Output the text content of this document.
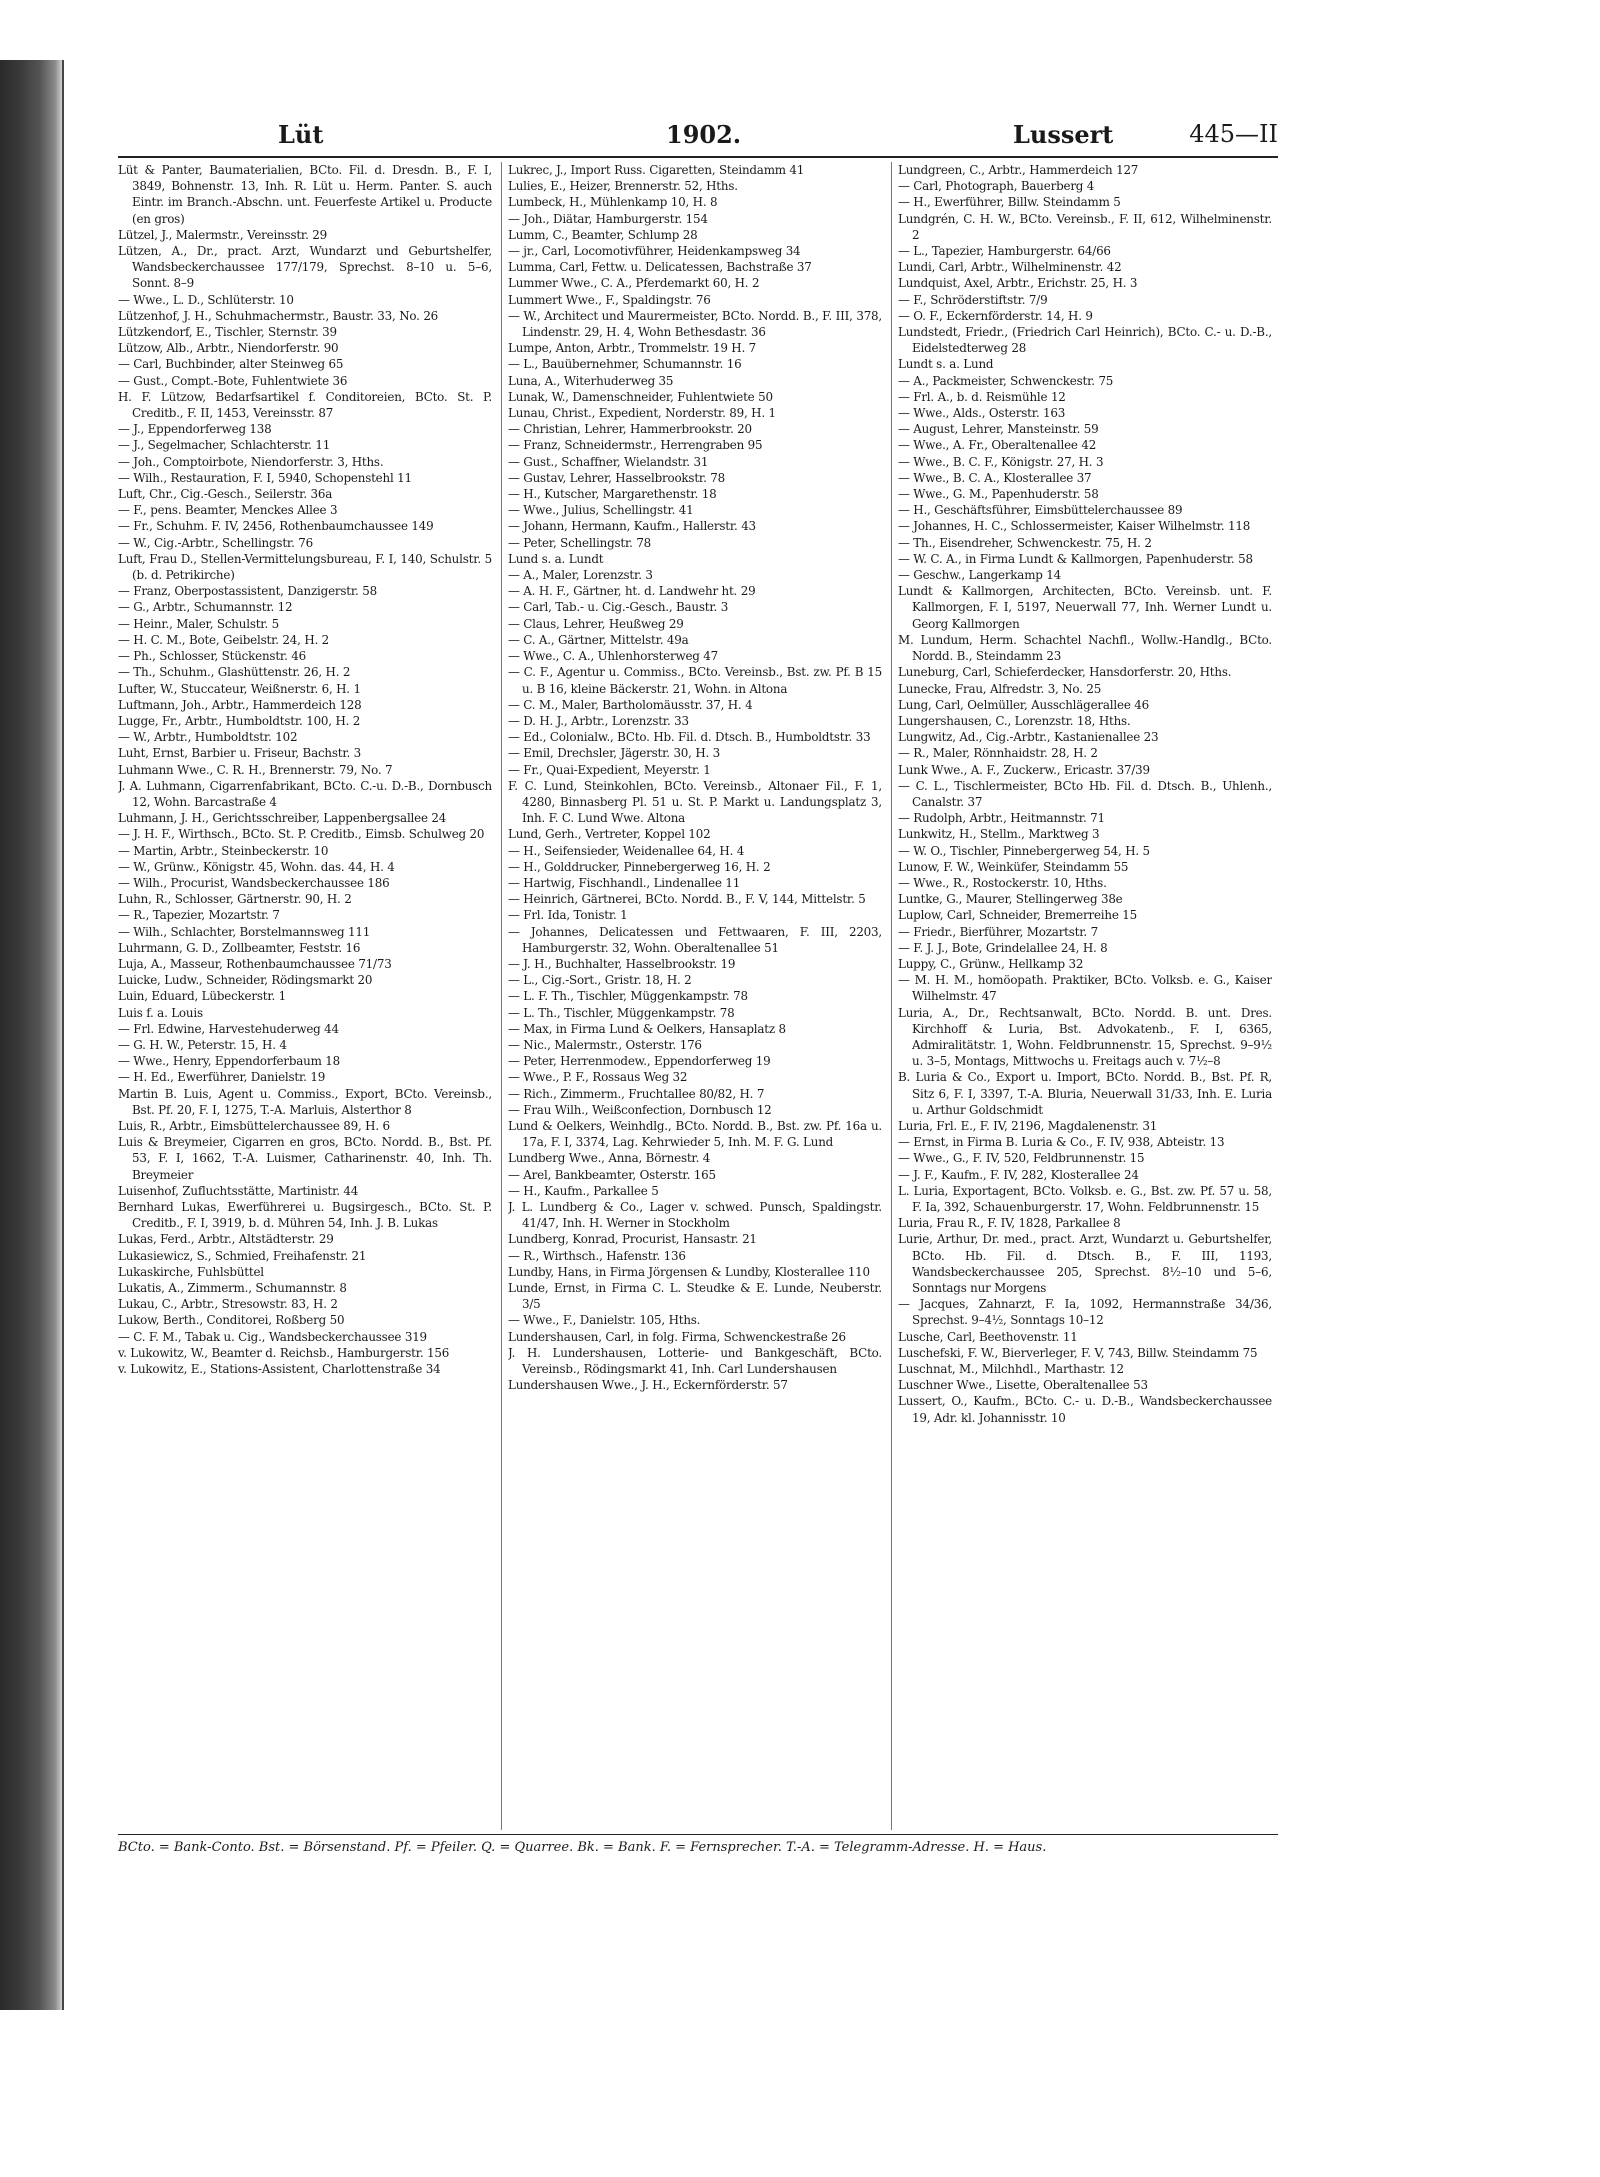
Lüt	1902.	Lussert	445—II

Lüt & Panter, Baumaterialien, BCto. Fil. d. Dresdn. B., F. I, 3849, Bohnenstr. 13, Inh. R. Lüt u. Herm. Panter. S. auch Eintr. im Branch.-Abschn. unt. Feuerfeste Artikel u. Producte (en gros)

Lützel, J., Malermstr., Vereinsstr. 29

Lützen, A., Dr., pract. Arzt, Wundarzt und Geburtshelfer, Wandsbeckerchaussee 177/179, Sprechst. 8–10 u. 5–6, Sonnt. 8–9

— Wwe., L. D., Schlüterstr. 10

Lützenhof, J. H., Schuhmachermstr., Baustr. 33, No. 26

Lützkendorf, E., Tischler, Sternstr. 39

Lützow, Alb., Arbtr., Niendorferstr. 90

— Carl, Buchbinder, alter Steinweg 65

— Gust., Compt.-Bote, Fuhlentwiete 36

H. F. Lützow, Bedarfsartikel f. Conditoreien, BCto. St. P. Creditb., F. II, 1453, Vereinsstr. 87

— J., Eppendorferweg 138

— J., Segelmacher, Schlachterstr. 11

— Joh., Comptoirbote, Niendorferstr. 3, Hths.

— Wilh., Restauration, F. I, 5940, Schopenstehl 11

Luft, Chr., Cig.-Gesch., Seilerstr. 36a

— F., pens. Beamter, Menckes Allee 3

— Fr., Schuhm. F. IV, 2456, Rothenbaumchaussee 149

— W., Cig.-Arbtr., Schellingstr. 76

Luft, Frau D., Stellen-Vermittelungsbureau, F. I, 140, Schulstr. 5 (b. d. Petrikirche)

— Franz, Oberpostassistent, Danzigerstr. 58

— G., Arbtr., Schumannstr. 12

— Heinr., Maler, Schulstr. 5

— H. C. M., Bote, Geibelstr. 24, H. 2

— Ph., Schlosser, Stückenstr. 46

— Th., Schuhm., Glashüttenstr. 26, H. 2

Lufter, W., Stuccateur, Weißnerstr. 6, H. 1

Luftmann, Joh., Arbtr., Hammerdeich 128

Lugge, Fr., Arbtr., Humboldtstr. 100, H. 2

— W., Arbtr., Humboldtstr. 102

Luht, Ernst, Barbier u. Friseur, Bachstr. 3

Luhmann Wwe., C. R. H., Brennerstr. 79, No. 7

J. A. Luhmann, Cigarrenfabrikant, BCto. C.-u. D.-B., Dornbusch 12, Wohn. Barcastraße 4

Luhmann, J. H., Gerichtsschreiber, Lappenbergsallee 24

— J. H. F., Wirthsch., BCto. St. P. Creditb., Eimsb. Schulweg 20

— Martin, Arbtr., Steinbeckerstr. 10

— W., Grünw., Königstr. 45, Wohn. das. 44, H. 4

— Wilh., Procurist, Wandsbeckerchaussee 186

Luhn, R., Schlosser, Gärtnerstr. 90, H. 2

— R., Tapezier, Mozartstr. 7

— Wilh., Schlachter, Borstelmannsweg 111

Luhrmann, G. D., Zollbeamter, Feststr. 16

Luja, A., Masseur, Rothenbaumchaussee 71/73

Luicke, Ludw., Schneider, Rödingsmarkt 20

Luin, Eduard, Lübeckerstr. 1

Luis f. a. Louis

— Frl. Edwine, Harvestehuderweg 44

— G. H. W., Peterstr. 15, H. 4

— Wwe., Henry, Eppendorferbaum 18

— H. Ed., Ewerführer, Danielstr. 19

Martin B. Luis, Agent u. Commiss., Export, BCto. Vereinsb., Bst. Pf. 20, F. I, 1275, T.-A. Marluis, Alsterthor 8

Luis, R., Arbtr., Eimsbüttelerchaussee 89, H. 6

Luis & Breymeier, Cigarren en gros, BCto. Nordd. B., Bst. Pf. 53, F. I, 1662, T.-A. Luismer, Catharinenstr. 40, Inh. Th. Breymeier

Luisenhof, Zufluchtsstätte, Martinistr. 44

Bernhard Lukas, Ewerführerei u. Bugsirgesch., BCto. St. P. Creditb., F. I, 3919, b. d. Mühren 54, Inh. J. B. Lukas

Lukas, Ferd., Arbtr., Altstädterstr. 29

Lukasiewicz, S., Schmied, Freihafenstr. 21

Lukaskirche, Fuhlsbüttel

Lukatis, A., Zimmerm., Schumannstr. 8

Lukau, C., Arbtr., Stresowstr. 83, H. 2

Lukow, Berth., Conditorei, Roßberg 50

— C. F. M., Tabak u. Cig., Wandsbeckerchaussee 319

v. Lukowitz, W., Beamter d. Reichsb., Hamburgerstr. 156

v. Lukowitz, E., Stations-Assistent, Charlottenstraße 34

Lukrec, J., Import Russ. Cigaretten, Steindamm 41

Lulies, E., Heizer, Brennerstr. 52, Hths.

Lumbeck, H., Mühlenkamp 10, H. 8

— Joh., Diätar, Hamburgerstr. 154

Lumm, C., Beamter, Schlump 28

— jr., Carl, Locomotivführer, Heidenkampsweg 34

Lumma, Carl, Fettw. u. Delicatessen, Bachstraße 37

Lummer Wwe., C. A., Pferdemarkt 60, H. 2

Lummert Wwe., F., Spaldingstr. 76

— W., Architect und Maurermeister, BCto. Nordd. B., F. III, 378, Lindenstr. 29, H. 4, Wohn Bethesdastr. 36

Lumpe, Anton, Arbtr., Trommelstr. 19 H. 7

— L., Bauübernehmer, Schumannstr. 16

Luna, A., Witerhuderweg 35

Lunak, W., Damenschneider, Fuhlentwiete 50

Lunau, Christ., Expedient, Norderstr. 89, H. 1

— Christian, Lehrer, Hammerbrookstr. 20

— Franz, Schneidermstr., Herrengraben 95

— Gust., Schaffner, Wielandstr. 31

— Gustav, Lehrer, Hasselbrookstr. 78

— H., Kutscher, Margarethenstr. 18

— Wwe., Julius, Schellingstr. 41

— Johann, Hermann, Kaufm., Hallerstr. 43

— Peter, Schellingstr. 78

Lund s. a. Lundt

— A., Maler, Lorenzstr. 3

— A. H. F., Gärtner, ht. d. Landwehr ht. 29

— Carl, Tab.- u. Cig.-Gesch., Baustr. 3

— Claus, Lehrer, Heußweg 29

— C. A., Gärtner, Mittelstr. 49a

— Wwe., C. A., Uhlenhorsterweg 47

— C. F., Agentur u. Commiss., BCto. Vereinsb., Bst. zw. Pf. B 15 u. B 16, kleine Bäckerstr. 21, Wohn. in Altona

— C. M., Maler, Bartholomäusstr. 37, H. 4

— D. H. J., Arbtr., Lorenzstr. 33

— Ed., Colonialw., BCto. Hb. Fil. d. Dtsch. B., Humboldtstr. 33

— Emil, Drechsler, Jägerstr. 30, H. 3

— Fr., Quai-Expedient, Meyerstr. 1

F. C. Lund, Steinkohlen, BCto. Vereinsb., Altonaer Fil., F. 1, 4280, Binnasberg Pl. 51 u. St. P. Markt u. Landungsplatz 3, Inh. F. C. Lund Wwe. Altona

Lund, Gerh., Vertreter, Koppel 102

— H., Seifensieder, Weidenallee 64, H. 4

— H., Golddrucker, Pinnebergerweg 16, H. 2

— Hartwig, Fischhandl., Lindenallee 11

— Heinrich, Gärtnerei, BCto. Nordd. B., F. V, 144, Mittelstr. 5

— Frl. Ida, Tonistr. 1

— Johannes, Delicatessen und Fettwaaren, F. III, 2203, Hamburgerstr. 32, Wohn. Oberaltenallee 51

— J. H., Buchhalter, Hasselbrookstr. 19

— L., Cig.-Sort., Gristr. 18, H. 2

— L. F. Th., Tischler, Müggenkampstr. 78

— L. Th., Tischler, Müggenkampstr. 78

— Max, in Firma Lund & Oelkers, Hansaplatz 8

— Nic., Malermstr., Osterstr. 176

— Peter, Herrenmodew., Eppendorferweg 19

— Wwe., P. F., Rossaus Weg 32

— Rich., Zimmerm., Fruchtallee 80/82, H. 7

— Frau Wilh., Weißconfection, Dornbusch 12

Lund & Oelkers, Weinhdlg., BCto. Nordd. B., Bst. zw. Pf. 16a u. 17a, F. I, 3374, Lag. Kehrwieder 5, Inh. M. F. G. Lund

Lundberg Wwe., Anna, Börnestr. 4

— Arel, Bankbeamter, Osterstr. 165

— H., Kaufm., Parkallee 5

J. L. Lundberg & Co., Lager v. schwed. Punsch, Spaldingstr. 41/47, Inh. H. Werner in Stockholm

Lundberg, Konrad, Procurist, Hansastr. 21

— R., Wirthsch., Hafenstr. 136

Lundby, Hans, in Firma Jörgensen & Lundby, Klosterallee 110

Lunde, Ernst, in Firma C. L. Steudke & E. Lunde, Neuberstr. 3/5

— Wwe., F., Danielstr. 105, Hths.

Lundershausen, Carl, in folg. Firma, Schwenckestraße 26

J. H. Lundershausen, Lotterie- und Bankgeschäft, BCto. Vereinsb., Rödingsmarkt 41, Inh. Carl Lundershausen

Lundershausen Wwe., J. H., Eckernförderstr. 57

Lundgreen, C., Arbtr., Hammerdeich 127

— Carl, Photograph, Bauerberg 4

— H., Ewerführer, Billw. Steindamm 5

Lundgrén, C. H. W., BCto. Vereinsb., F. II, 612, Wilhelminenstr. 2

— L., Tapezier, Hamburgerstr. 64/66

Lundi, Carl, Arbtr., Wilhelminenstr. 42

Lundquist, Axel, Arbtr., Erichstr. 25, H. 3

— F., Schröderstiftstr. 7/9

— O. F., Eckernförderstr. 14, H. 9

Lundstedt, Friedr., (Friedrich Carl Heinrich), BCto. C.- u. D.-B., Eidelstedterweg 28

Lundt s. a. Lund

— A., Packmeister, Schwenckestr. 75

— Frl. A., b. d. Reismühle 12

— Wwe., Alds., Osterstr. 163

— August, Lehrer, Mansteinstr. 59

— Wwe., A. Fr., Oberaltenallee 42

— Wwe., B. C. F., Königstr. 27, H. 3

— Wwe., B. C. A., Klosterallee 37

— Wwe., G. M., Papenhuderstr. 58

— H., Geschäftsführer, Eimsbüttelerchaussee 89

— Johannes, H. C., Schlossermeister, Kaiser Wilhelmstr. 118

— Th., Eisendreher, Schwenckestr. 75, H. 2

— W. C. A., in Firma Lundt & Kallmorgen, Papenhuderstr. 58

— Geschw., Langerkamp 14

Lundt & Kallmorgen, Architecten, BCto. Vereinsb. unt. F. Kallmorgen, F. I, 5197, Neuerwall 77, Inh. Werner Lundt u. Georg Kallmorgen

M. Lundum, Herm. Schachtel Nachfl., Wollw.-Handlg., BCto. Nordd. B., Steindamm 23

Luneburg, Carl, Schieferdecker, Hansdorferstr. 20, Hths.

Lunecke, Frau, Alfredstr. 3, No. 25

Lung, Carl, Oelmüller, Ausschlägerallee 46

Lungershausen, C., Lorenzstr. 18, Hths.

Lungwitz, Ad., Cig.-Arbtr., Kastanienallee 23

— R., Maler, Rönnhaidstr. 28, H. 2

Lunk Wwe., A. F., Zuckerw., Ericastr. 37/39

— C. L., Tischlermeister, BCto Hb. Fil. d. Dtsch. B., Uhlenh., Canalstr. 37

— Rudolph, Arbtr., Heitmannstr. 71

Lunkwitz, H., Stellm., Marktweg 3

— W. O., Tischler, Pinnebergerweg 54, H. 5

Lunow, F. W., Weinküfer, Steindamm 55

— Wwe., R., Rostockerstr. 10, Hths.

Luntke, G., Maurer, Stellingerweg 38e

Luplow, Carl, Schneider, Bremerreihe 15

— Friedr., Bierführer, Mozartstr. 7

— F. J. J., Bote, Grindelallee 24, H. 8

Luppy, C., Grünw., Hellkamp 32

— M. H. M., homöopath. Praktiker, BCto. Volksb. e. G., Kaiser Wilhelmstr. 47

Luria, A., Dr., Rechtsanwalt, BCto. Nordd. B. unt. Dres. Kirchhoff & Luria, Bst. Advokatenb., F. I, 6365, Admiralitätstr. 1, Wohn. Feldbrunnenstr. 15, Sprechst. 9–9½ u. 3–5, Montags, Mittwochs u. Freitags auch v. 7½–8

B. Luria & Co., Export u. Import, BCto. Nordd. B., Bst. Pf. R, Sitz 6, F. I, 3397, T.-A. Bluria, Neuerwall 31/33, Inh. E. Luria u. Arthur Goldschmidt

Luria, Frl. E., F. IV, 2196, Magdalenenstr. 31

— Ernst, in Firma B. Luria & Co., F. IV, 938, Abteistr. 13

— Wwe., G., F. IV, 520, Feldbrunnenstr. 15

— J. F., Kaufm., F. IV, 282, Klosterallee 24

L. Luria, Exportagent, BCto. Volksb. e. G., Bst. zw. Pf. 57 u. 58, F. Ia, 392, Schauenburgerstr. 17, Wohn. Feldbrunnenstr. 15

Luria, Frau R., F. IV, 1828, Parkallee 8

Lurie, Arthur, Dr. med., pract. Arzt, Wundarzt u. Geburtshelfer, BCto. Hb. Fil. d. Dtsch. B., F. III, 1193, Wandsbeckerchaussee 205, Sprechst. 8½–10 und 5–6, Sonntags nur Morgens

— Jacques, Zahnarzt, F. Ia, 1092, Hermannstraße 34/36, Sprechst. 9–4½, Sonntags 10–12

Lusche, Carl, Beethovenstr. 11

Luschefski, F. W., Bierverleger, F. V, 743, Billw. Steindamm 75

Luschnat, M., Milchhdl., Marthastr. 12

Luschner Wwe., Lisette, Oberaltenallee 53

Lussert, O., Kaufm., BCto. C.- u. D.-B., Wandsbeckerchaussee 19, Adr. kl. Johannisstr. 10

BCto. = Bank-Conto. Bst. = Börsenstand. Pf. = Pfeiler. Q. = Quarree. Bk. = Bank. F. = Fernsprecher. T.-A. = Telegramm-Adresse. H. = Haus.
